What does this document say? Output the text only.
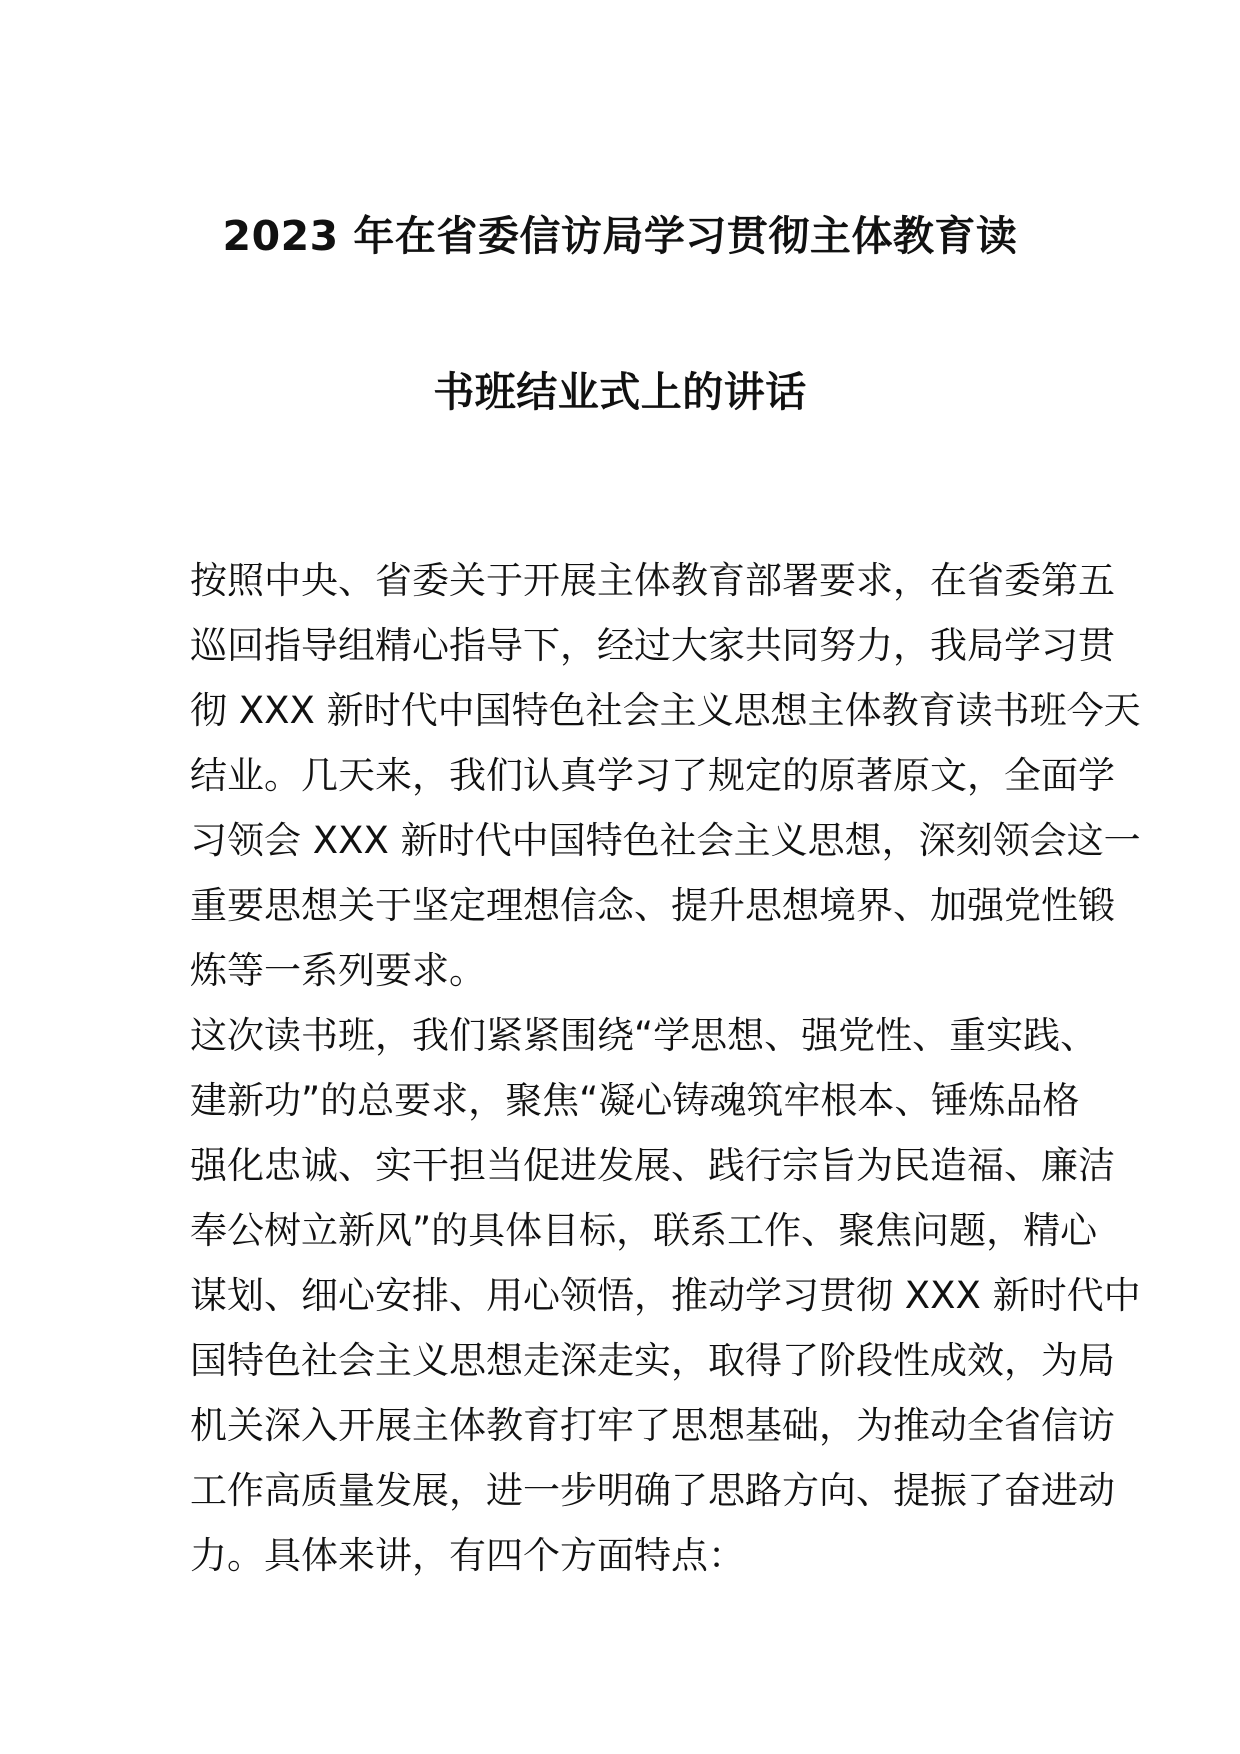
2023 年在省委信访局学习贯彻主体教育读
书班结业式上的讲话
按照中央、省委关于开展主体教育部署要求，在省委第五
巡回指导组精心指导下，经过大家共同努力，我局学习贯
彻 XXX 新时代中国特色社会主义思想主体教育读书班今天
结业。几天来，我们认真学习了规定的原著原文，全面学
习领会 XXX 新时代中国特色社会主义思想，深刻领会这一
重要思想关于坚定理想信念、提升思想境界、加强党性锻
炼等一系列要求。
这次读书班，我们紧紧围绕“学思想、强党性、重实践、
建新功”的总要求，聚焦“凝心铸魂筑牢根本、锤炼品格
强化忠诚、实干担当促进发展、践行宗旨为民造福、廉洁
奉公树立新风”的具体目标，联系工作、聚焦问题，精心
谋划、细心安排、用心领悟，推动学习贯彻 XXX 新时代中
国特色社会主义思想走深走实，取得了阶段性成效，为局
机关深入开展主体教育打牢了思想基础，为推动全省信访
工作高质量发展，进一步明确了思路方向、提振了奋进动
力。具体来讲，有四个方面特点：
